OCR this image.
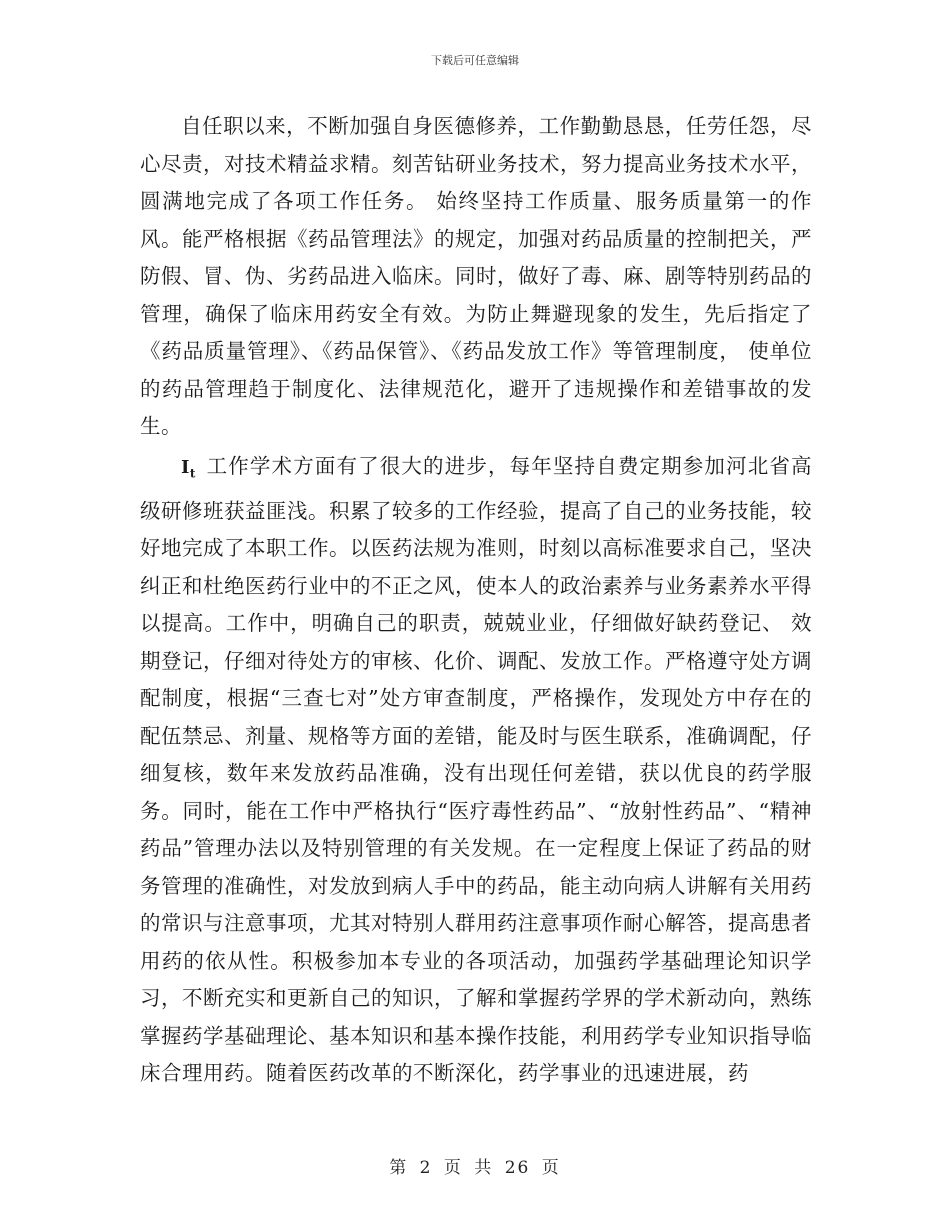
下载后可任意编辑

自任职以来，不断加强自身医德修养，工作勤勤恳恳，任劳任怨，尽心尽责，对技术精益求精。刻苦钻研业务技术，努力提高业务技术水平，圆满地完成了各项工作任务。 始终坚持工作质量、服务质量第一的作风。能严格根据《药品管理法》的规定，加强对药品质量的控制把关，严防假、冒、伪、劣药品进入临床。同时，做好了毒、麻、剧等特别药品的管理，确保了临床用药安全有效。为防止舞避现象的发生，先后指定了《药品质量管理》、《药品保管》、《药品发放工作》等管理制度， 使单位的药品管理趋于制度化、法律规范化，避开了违规操作和差错事故的发生。

$I_t$ 工作学术方面有了很大的进步，每年坚持自费定期参加河北省高级研修班获益匪浅。积累了较多的工作经验，提高了自己的业务技能，较好地完成了本职工作。以医药法规为准则，时刻以高标准要求自己，坚决纠正和杜绝医药行业中的不正之风，使本人的政治素养与业务素养水平得以提高。工作中，明确自己的职责，兢兢业业，仔细做好缺药登记、 效期登记，仔细对待处方的审核、化价、调配、发放工作。严格遵守处方调配制度，根据“三查七对”处方审查制度，严格操作，发现处方中存在的配伍禁忌、剂量、规格等方面的差错，能及时与医生联系，准确调配，仔细复核，数年来发放药品准确，没有出现任何差错，获以优良的药学服务。同时，能在工作中严格执行“医疗毒性药品”、“放射性药品”、“精神药品”管理办法以及特别管理的有关发规。在一定程度上保证了药品的财务管理的准确性，对发放到病人手中的药品，能主动向病人讲解有关用药的常识与注意事项，尤其对特别人群用药注意事项作耐心解答，提高患者用药的依从性。积极参加本专业的各项活动，加强药学基础理论知识学习，不断充实和更新自己的知识，了解和掌握药学界的学术新动向，熟练掌握药学基础理论、基本知识和基本操作技能，利用药学专业知识指导临床合理用药。随着医药改革的不断深化，药学事业的迅速进展，药

第 2 页 共 26 页
